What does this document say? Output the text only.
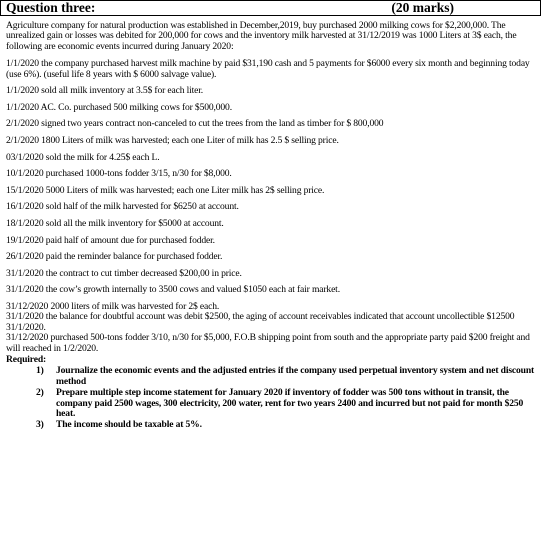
Question three:	(20 marks)

Agriculture company for natural production was established in December,2019, buy purchased 2000 milking cows for $2,200,000. The unrealized gain or losses was debited for 200,000 for cows and the inventory milk harvested at 31/12/2019 was 1000 Liters at 3$ each, the following are economic events incurred during January 2020:

1/1/2020 the company purchased harvest milk machine by paid $31,190 cash and 5 payments for $6000 every six month and beginning today (use 6%). (useful life 8 years with $ 6000 salvage value).

1/1/2020 sold all milk inventory at 3.5$ for each liter.

1/1/2020 AC. Co. purchased 500 milking cows for $500,000.

2/1/2020 signed two years contract non-canceled to cut the trees from the land as timber for $ 800,000

2/1/2020 1800 Liters of milk was harvested; each one Liter of milk has 2.5 $ selling price.

03/1/2020 sold the milk for 4.25$ each L.

10/1/2020 purchased 1000-tons fodder 3/15, n/30 for $8,000.

15/1/2020 5000 Liters of milk was harvested; each one Liter milk has 2$ selling price.

16/1/2020 sold half of the milk harvested for $6250 at account.

18/1/2020 sold all the milk inventory for $5000 at account.

19/1/2020 paid half of amount due for purchased fodder.

26/1/2020 paid the reminder balance for purchased fodder.

31/1/2020 the contract to cut timber decreased $200,00 in price.

31/1/2020 the cow’s growth internally to 3500 cows and valued $1050 each at fair market.

31/12/2020 2000 liters of milk was harvested for 2$ each.

31/1/2020 the balance for doubtful account was debit $2500, the aging of account receivables indicated that account uncollectible $12500

31/1/2020.

31/12/2020 purchased 500-tons fodder 3/10, n/30 for $5,000, F.O.B shipping point from south and the appropriate party paid $200 freight and will reached in 1/2/2020.

Required:
1) Journalize the economic events and the adjusted entries if the company used perpetual inventory system and net discount method
2) Prepare multiple step income statement for January 2020 if inventory of fodder was 500 tons without in transit, the company paid 2500 wages, 300 electricity, 200 water, rent for two years 2400 and incurred but not paid for month $250 heat.
3) The income should be taxable at 5%.
